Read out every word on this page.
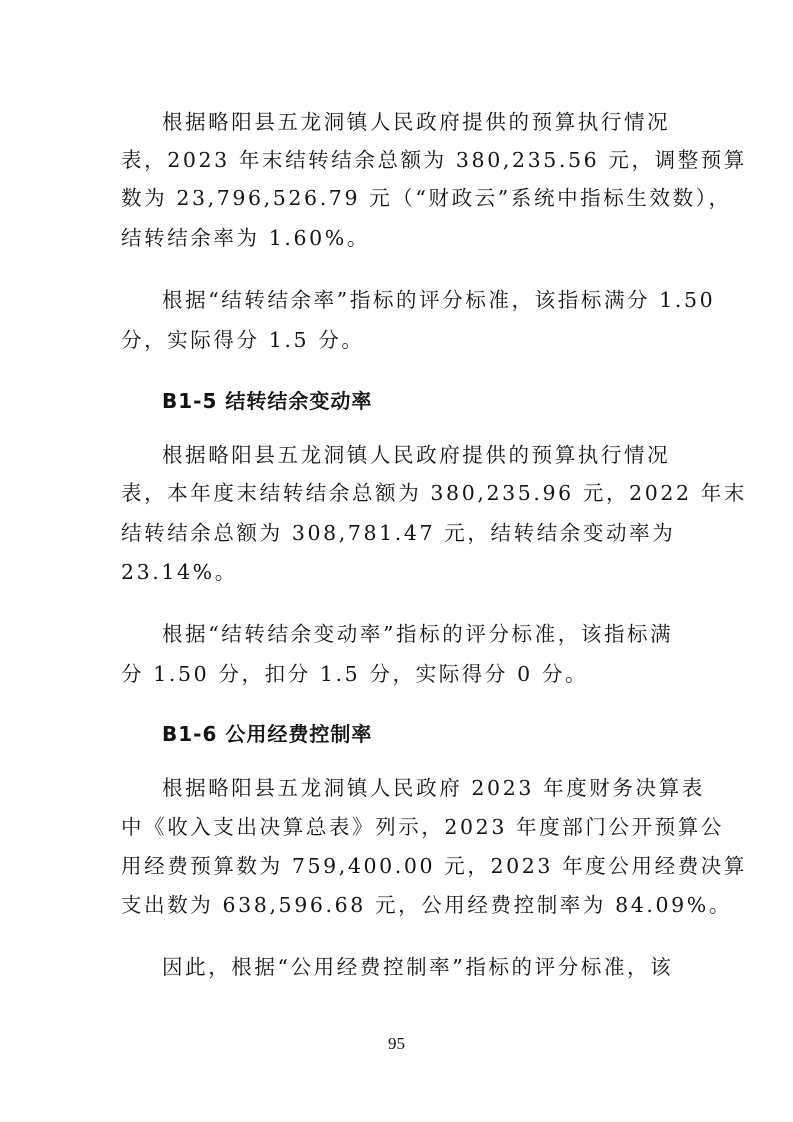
根据略阳县五龙洞镇人民政府提供的预算执行情况
表，2023 年末结转结余总额为 380,235.56 元，调整预算
数为 23,796,526.79 元（“财政云”系统中指标生效数），
结转结余率为 1.60%。
根据“结转结余率”指标的评分标准，该指标满分 1.50
分，实际得分 1.5 分。
B1-5 结转结余变动率
根据略阳县五龙洞镇人民政府提供的预算执行情况
表，本年度末结转结余总额为 380,235.96 元，2022 年末
结转结余总额为 308,781.47 元，结转结余变动率为
23.14%。
根据“结转结余变动率”指标的评分标准，该指标满
分 1.50 分，扣分 1.5 分，实际得分 0 分。
B1-6 公用经费控制率
根据略阳县五龙洞镇人民政府 2023 年度财务决算表
中《收入支出决算总表》列示，2023 年度部门公开预算公
用经费预算数为 759,400.00 元，2023 年度公用经费决算
支出数为 638,596.68 元，公用经费控制率为 84.09%。
因此，根据“公用经费控制率”指标的评分标准，该
95
